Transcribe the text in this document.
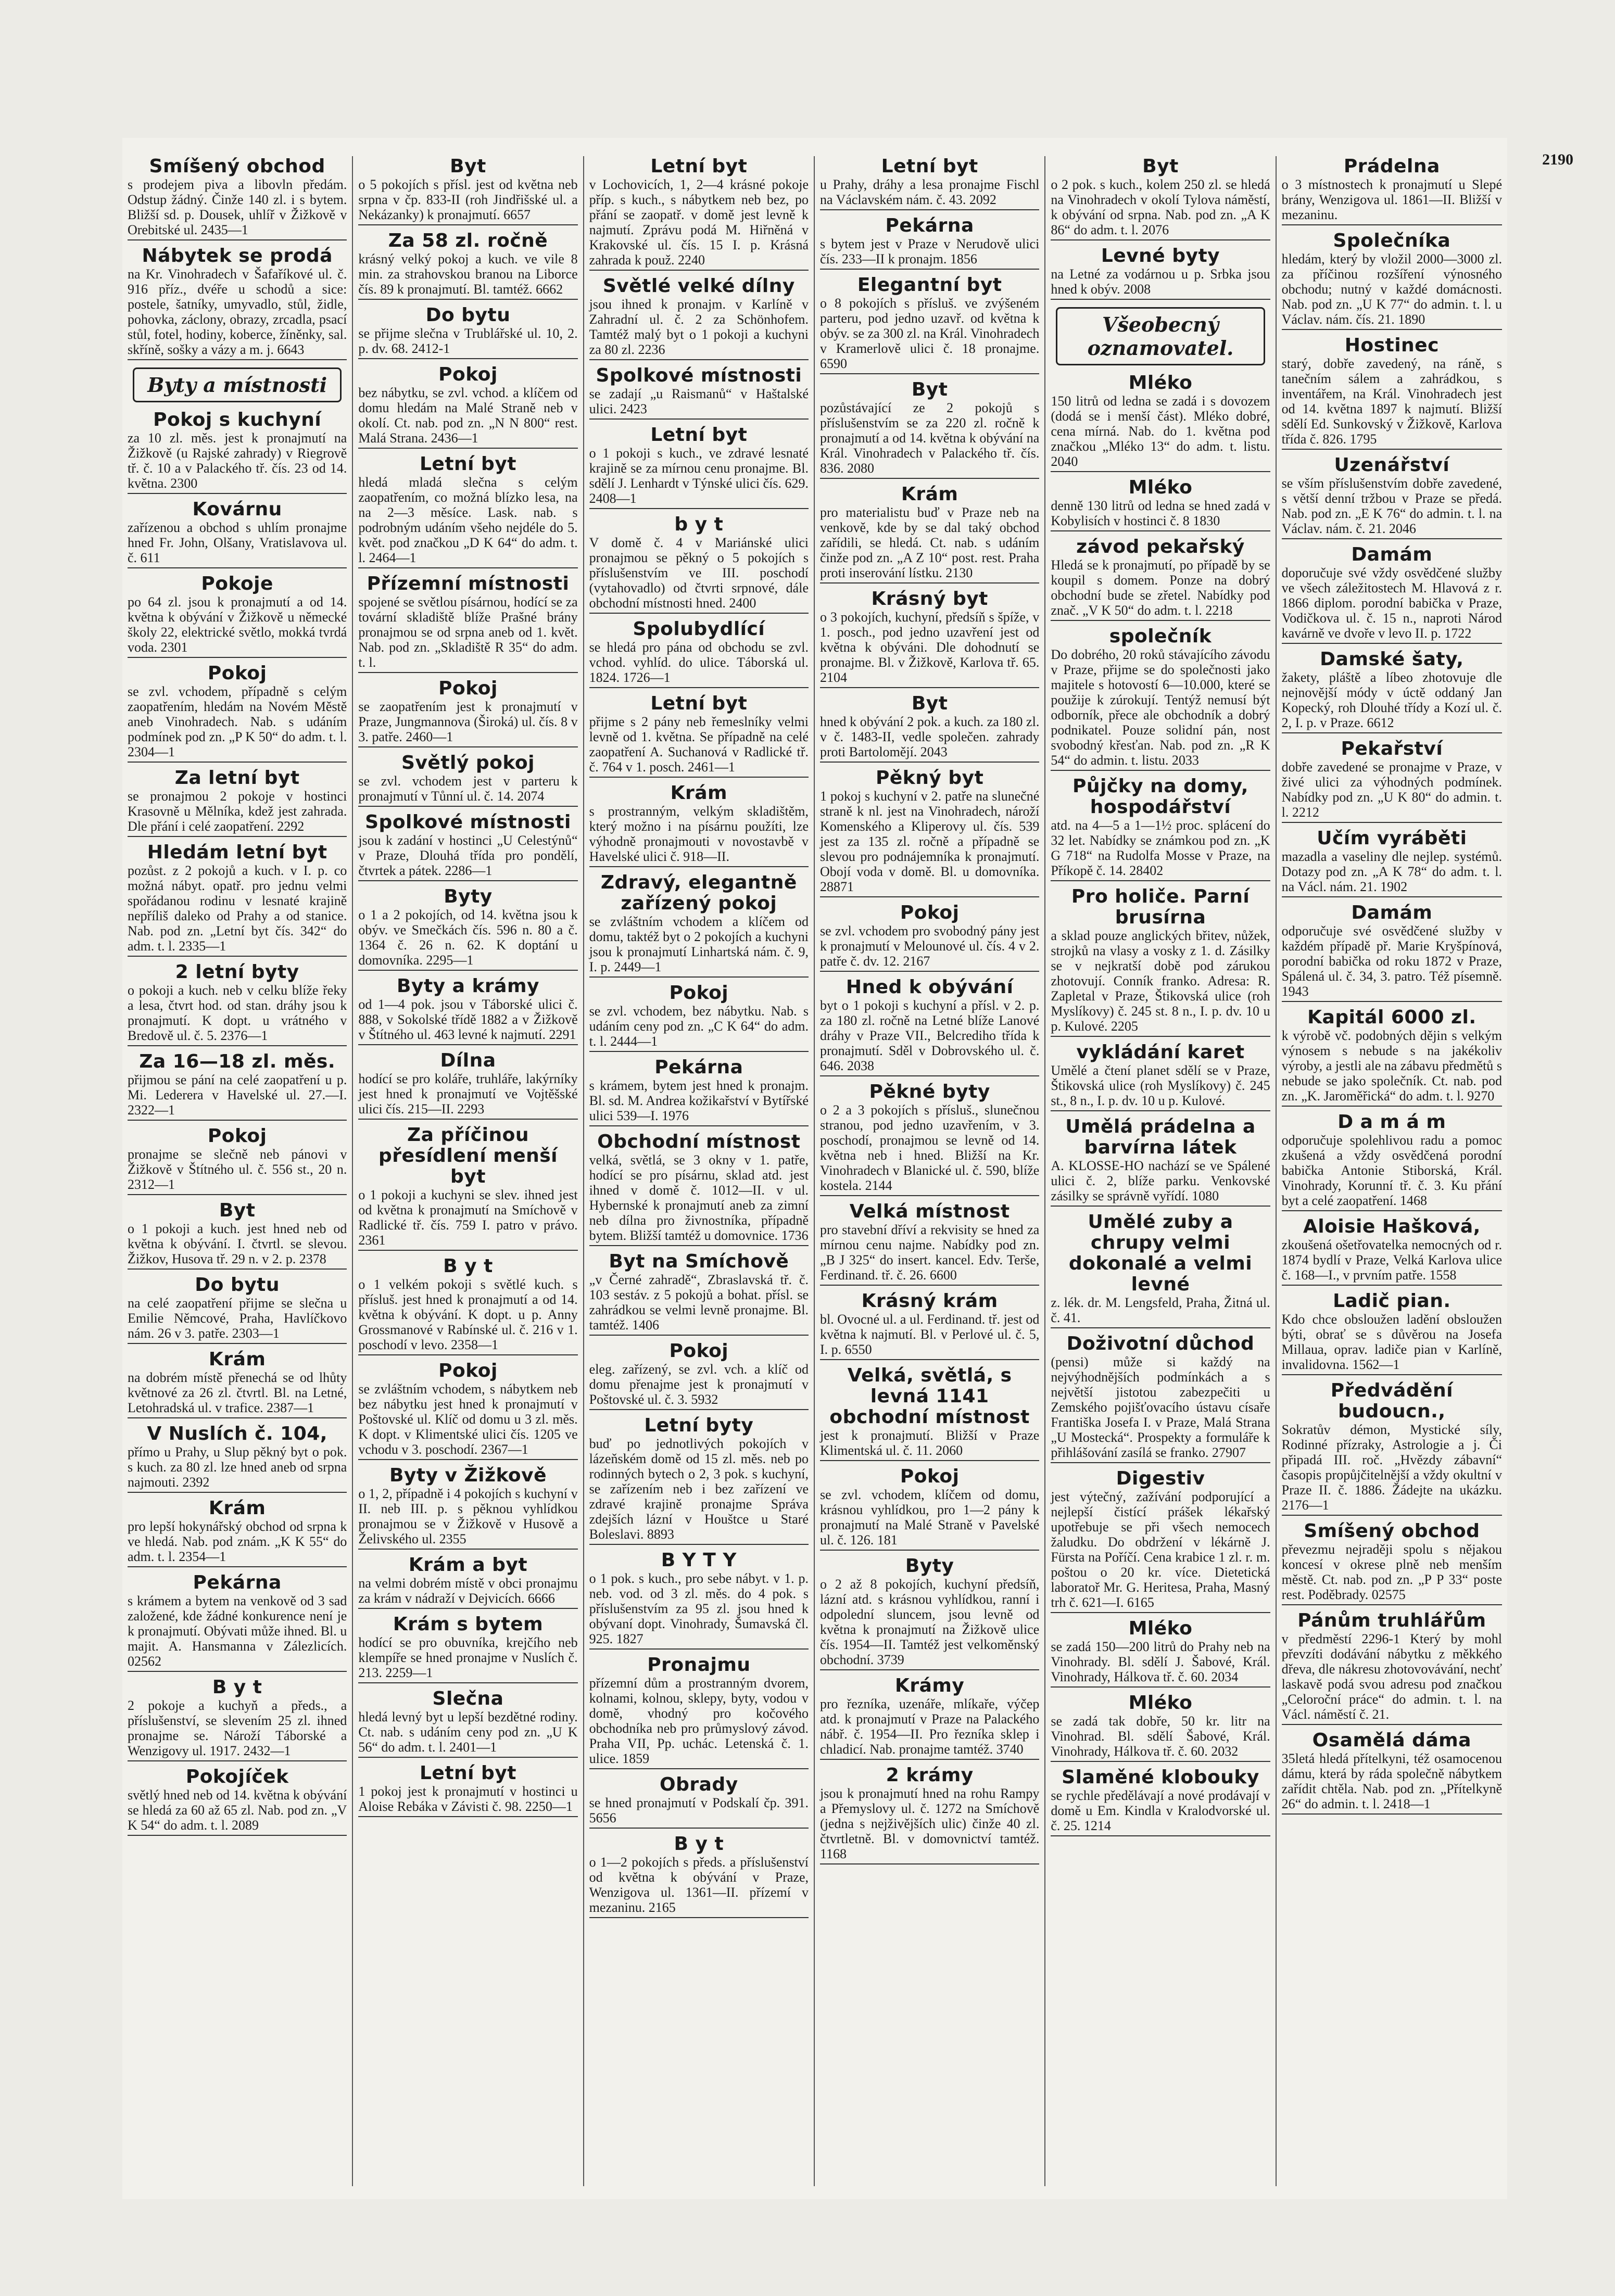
2190
Smíšený obchod
s prodejem piva a libovln předám. Odstup žádný. Činže 140 zl. i s bytem. Bližší sd. p. Dousek, uhlíř v Žižkově v Orebitské ul. 2435—1
Nábytek se prodá
na Kr. Vinohradech v Šafaříkové ul. č. 916 příz., dvéře u schodů a sice: postele, šatníky, umyvadlo, stůl, židle, pohovka, záclony, obrazy, zrcadla, psací stůl, fotel, hodiny, koberce, žíněnky, sal. skříně, sošky a vázy a m. j. 6643
Byty a místnosti
Pokoj s kuchyní
za 10 zl. měs. jest k pronajmutí na Žižkově (u Rajské zahrady) v Riegrově tř. č. 10 a v Palackého tř. čís. 23 od 14. května. 2300
Kovárnu
zařízenou a obchod s uhlím pronajme hned Fr. John, Olšany, Vratislavova ul. č. 611
Pokoje
po 64 zl. jsou k pronajmutí a od 14. května k obývání v Žižkově u německé školy 22, elektrické světlo, mokká tvrdá voda. 2301
Pokoj
se zvl. vchodem, případně s celým zaopatřením, hledám na Novém Městě aneb Vinohradech. Nab. s udáním podmínek pod zn. „P K 50“ do adm. t. l. 2304—1
Za letní byt
se pronajmou 2 pokoje v hostinci Krasovně u Mělníka, kdež jest zahrada. Dle přání i celé zaopatření. 2292
Hledám letní byt
pozůst. z 2 pokojů a kuch. v I. p. co možná nábyt. opatř. pro jednu velmi spořádanou rodinu v lesnaté krajině nepříliš daleko od Prahy a od stanice. Nab. pod zn. „Letní byt čís. 342“ do adm. t. l. 2335—1
2 letní byty
o pokoji a kuch. neb v celku blíže řeky a lesa, čtvrt hod. od stan. dráhy jsou k pronajmutí. K dopt. u vrátného v Bredově ul. č. 5. 2376—1
Za 16—18 zl. měs.
přijmou se pání na celé zaopatření u p. Mi. Lederera v Havelské ul. 27.—I. 2322—1
Pokoj
pronajme se slečně neb pánovi v Žižkově v Štítného ul. č. 556 st., 20 n. 2312—1
Byt
o 1 pokoji a kuch. jest hned neb od května k obývání. I. čtvrtl. se slevou. Žižkov, Husova tř. 29 n. v 2. p. 2378
Do bytu
na celé zaopatření přijme se slečna u Emilie Němcové, Praha, Havlíčkovo nám. 26 v 3. patře. 2303—1
Krám
na dobrém místě přenechá se od lhůty květnové za 26 zl. čtvrtl. Bl. na Letné, Letohradská ul. v trafice. 2387—1
V Nuslích č. 104,
přímo u Prahy, u Slup pěkný byt o pok. s kuch. za 80 zl. lze hned aneb od srpna najmouti. 2392
Krám
pro lepší hokynářský obchod od srpna k ve hledá. Nab. pod znám. „K K 55“ do adm. t. l. 2354—1
Pekárna
s krámem a bytem na venkově od 3 sad založené, kde žádné konkurence není je k pronajmutí. Obývati může ihned. Bl. u majit. A. Hansmanna v Zálezlicích. 02562
B y t
2 pokoje a kuchyň a předs., a příslušenství, se slevením 25 zl. ihned pronajme se. Nároží Táborské a Wenzigovy ul. 1917. 2432—1
Pokojíček
světlý hned neb od 14. května k obývání se hledá za 60 až 65 zl. Nab. pod zn. „V K 54“ do adm. t. l. 2089
Byt
o 5 pokojích s přísl. jest od května neb srpna v čp. 833-II (roh Jindřišské ul. a Nekázanky) k pronajmutí. 6657
Za 58 zl. ročně
krásný velký pokoj a kuch. ve vile 8 min. za strahovskou branou na Liborce čís. 89 k pronajmutí. Bl. tamtéž. 6662
Do bytu
se přijme slečna v Trublářské ul. 10, 2. p. dv. 68. 2412-1
Pokoj
bez nábytku, se zvl. vchod. a klíčem od domu hledám na Malé Straně neb v okolí. Ct. nab. pod zn. „N N 800“ rest. Malá Strana. 2436—1
Letní byt
hledá mladá slečna s celým zaopatřením, co možná blízko lesa, na na 2—3 měsíce. Lask. nab. s podrobným udáním všeho nejdéle do 5. květ. pod značkou „D K 64“ do adm. t. l. 2464—1
Přízemní místnosti
spojené se světlou písárnou, hodící se za tovární skladiště blíže Prašné brány pronajmou se od srpna aneb od 1. květ. Nab. pod zn. „Skladiště R 35“ do adm. t. l.
Pokoj
se zaopatřením jest k pronajmutí v Praze, Jungmannova (Široká) ul. čís. 8 v 3. patře. 2460—1
Světlý pokoj
se zvl. vchodem jest v parteru k pronajmutí v Tůnní ul. č. 14. 2074
Spolkové místnosti
jsou k zadání v hostinci „U Celestýnů“ v Praze, Dlouhá třída pro pondělí, čtvrtek a pátek. 2286—1
Byty
o 1 a 2 pokojích, od 14. května jsou k obýv. ve Smečkách čís. 596 n. 80 a č. 1364 č. 26 n. 62. K doptání u domovníka. 2295—1
Byty a krámy
od 1—4 pok. jsou v Táborské ulici č. 888, v Sokolské třídě 1882 a v Žižkově v Štítného ul. 463 levné k najmutí. 2291
Dílna
hodící se pro koláře, truhláře, lakýrníky jest hned k pronajmutí ve Vojtěšské ulici čís. 215—II. 2293
Za příčinou přesídlení menší byt
o 1 pokoji a kuchyni se slev. ihned jest od května k pronajmutí na Smíchově v Radlické tř. čís. 759 I. patro v právo. 2361
B y t
o 1 velkém pokoji s světlé kuch. s přísluš. jest hned k pronajmutí a od 14. května k obývání. K dopt. u p. Anny Grossmanové v Rabínské ul. č. 216 v 1. poschodí v levo. 2358—1
Pokoj
se zvláštním vchodem, s nábytkem neb bez nábytku jest hned k pronajmutí v Poštovské ul. Klíč od domu u 3 zl. měs. K dopt. v Klimentské ulici čís. 1205 ve vchodu v 3. poschodí. 2367—1
Byty v Žižkově
o 1, 2, případně i 4 pokojích s kuchyní v II. neb III. p. s pěknou vyhlídkou pronajmou se v Žižkově v Husově a Želivského ul. 2355
Krám a byt
na velmi dobrém místě v obci pronajmu za krám v nádraží v Dejvicích. 6666
Krám s bytem
hodící se pro obuvníka, krejčího neb klempíře se hned pronajme v Nuslích č. 213. 2259—1
Slečna
hledá levný byt u lepší bezdětné rodiny. Ct. nab. s udáním ceny pod zn. „U K 56“ do adm. t. l. 2401—1
Letní byt
1 pokoj jest k pronajmutí v hostinci u Aloise Rebáka v Závisti č. 98. 2250—1
Letní byt
v Lochovicích, 1, 2—4 krásné pokoje příp. s kuch., s nábytkem neb bez, po přání se zaopatř. v domě jest levně k najmutí. Zprávu podá M. Hiřněná v Krakovské ul. čís. 15 I. p. Krásná zahrada k použ. 2240
Světlé velké dílny
jsou ihned k pronajm. v Karlíně v Zahradní ul. č. 2 za Schönhofem. Tamtéž malý byt o 1 pokoji a kuchyni za 80 zl. 2236
Spolkové místnosti
se zadají „u Raismanů“ v Haštalské ulici. 2423
Letní byt
o 1 pokoji s kuch., ve zdravé lesnaté krajině se za mírnou cenu pronajme. Bl. sdělí J. Lenhardt v Týnské ulici čís. 629. 2408—1
b y t
V domě č. 4 v Mariánské ulici pronajmou se pěkný o 5 pokojích s příslušenstvím ve III. poschodí (vytahovadlo) od čtvrti srpnové, dále obchodní místnosti hned. 2400
Spolubydlící
se hledá pro pána od obchodu se zvl. vchod. vyhlíd. do ulice. Táborská ul. 1824. 1726—1
Letní byt
přijme s 2 pány neb řemeslníky velmi levně od 1. května. Se případně na celé zaopatření A. Suchanová v Radlické tř. č. 764 v 1. posch. 2461—1
Krám
s prostranným, velkým skladištěm, který možno i na písárnu použíti, lze výhodně pronajmouti v novostavbě v Havelské ulici č. 918—II.
Zdravý, elegantně zařízený pokoj
se zvláštním vchodem a klíčem od domu, taktéž byt o 2 pokojích a kuchyni jsou k pronajmutí Linhartská nám. č. 9, I. p. 2449—1
Pokoj
se zvl. vchodem, bez nábytku. Nab. s udáním ceny pod zn. „C K 64“ do adm. t. l. 2444—1
Pekárna
s krámem, bytem jest hned k pronajm. Bl. sd. M. Andrea kožikařství v Bytířské ulici 539—I. 1976
Obchodní místnost
velká, světlá, se 3 okny v 1. patře, hodící se pro písárnu, sklad atd. jest ihned v domě č. 1012—II. v ul. Hybernské k pronajmutí aneb za zimní neb dílna pro živnostníka, případně bytem. Bližší tamtéž u domovnice. 1736
Byt na Smíchově
„v Černé zahradě“, Zbraslavská tř. č. 103 sestáv. z 5 pokojů a bohat. přísl. se zahrádkou se velmi levně pronajme. Bl. tamtéž. 1406
Pokoj
eleg. zařízený, se zvl. vch. a klíč od domu přenajme jest k pronajmutí v Poštovské ul. č. 3. 5932
Letní byty
buď po jednotlivých pokojích v lázeňském domě od 15 zl. měs. neb po rodinných bytech o 2, 3 pok. s kuchyní, se zařízením neb i bez zařízení ve zdravé krajině pronajme Správa zdejších lázní v Houštce u Staré Boleslavi. 8893
B Y T Y
o 1 pok. s kuch., pro sebe nábyt. v 1. p. neb. vod. od 3 zl. měs. do 4 pok. s příslušenstvím za 95 zl. jsou hned k obývaní dopt. Vinohrady, Šumavská čl. 925. 1827
Pronajmu
přízemní dům a prostranným dvorem, kolnami, kolnou, sklepy, byty, vodou v domě, vhodný pro kočového obchodníka neb pro průmyslový závod. Praha VII, Pp. uchác. Letenská č. 1. ulice. 1859
Obrady
se hned pronajmutí v Podskalí čp. 391. 5656
B y t
o 1—2 pokojích s předs. a příslušenství od května k obývání v Praze, Wenzigova ul. 1361—II. přízemí v mezaninu. 2165
Letní byt
u Prahy, dráhy a lesa pronajme Fischl na Václavském nám. č. 43. 2092
Pekárna
s bytem jest v Praze v Nerudově ulici čís. 233—II k pronajm. 1856
Elegantní byt
o 8 pokojích s přísluš. ve zvýšeném parteru, pod jedno uzavř. od května k obýv. se za 300 zl. na Král. Vinohradech v Kramerlově ulici č. 18 pronajme. 6590
Byt
pozůstávající ze 2 pokojů s příslušenstvím se za 220 zl. ročně k pronajmutí a od 14. května k obývání na Král. Vinohradech v Palackého tř. čís. 836. 2080
Krám
pro materialistu buď v Praze neb na venkově, kde by se dal taký obchod zařídili, se hledá. Ct. nab. s udáním činže pod zn. „A Z 10“ post. rest. Praha proti inserování lístku. 2130
Krásný byt
o 3 pokojích, kuchyní, předsíň s špíže, v 1. posch., pod jedno uzavření jest od května k obýváni. Dle dohodnutí se pronajme. Bl. v Žižkově, Karlova tř. 65. 2104
Byt
hned k obývání 2 pok. a kuch. za 180 zl. v č. 1483-II, vedle společen. zahrady proti Bartolomějí. 2043
Pěkný byt
1 pokoj s kuchyní v 2. patře na slunečné straně k nl. jest na Vinohradech, nároží Komenského a Kliperovy ul. čís. 539 jest za 135 zl. ročně a případně se slevou pro podnájemníka k pronajmutí. Obojí voda v domě. Bl. u domovníka. 28871
Pokoj
se zvl. vchodem pro svobodný pány jest k pronajmutí v Melounové ul. čís. 4 v 2. patře č. dv. 12. 2167
Hned k obývání
byt o 1 pokoji s kuchyní a přísl. v 2. p. za 180 zl. ročně na Letné blíže Lanové dráhy v Praze VII., Belcrediho třída k pronajmutí. Sděl v Dobrovského ul. č. 646. 2038
Pěkné byty
o 2 a 3 pokojích s přísluš., slunečnou stranou, pod jedno uzavřením, v 3. poschodí, pronajmou se levně od 14. května neb i hned. Bližší na Kr. Vinohradech v Blanické ul. č. 590, blíže kostela. 2144
Velká místnost
pro stavební dříví a rekvisity se hned za mírnou cenu najme. Nabídky pod zn. „B J 325“ do insert. kancel. Edv. Terše, Ferdinand. tř. č. 26. 6600
Krásný krám
bl. Ovocné ul. a ul. Ferdinand. tř. jest od května k najmutí. Bl. v Perlové ul. č. 5, I. p. 6550
Velká, světlá, s levná 1141 obchodní místnost
jest k pronajmutí. Bližší v Praze Klimentská ul. č. 11. 2060
Pokoj
se zvl. vchodem, klíčem od domu, krásnou vyhlídkou, pro 1—2 pány k pronajmutí na Malé Straně v Pavelské ul. č. 126. 181
Byty
o 2 až 8 pokojích, kuchyní předsíň, lázní atd. s krásnou vyhlídkou, ranní i odpolední sluncem, jsou levně od května k pronajmutí na Žižkově ulice čís. 1954—II. Tamtéž jest velkoměnský obchodní. 3739
Krámy
pro řezníka, uzenáře, mlíkaře, výčep atd. k pronajmutí v Praze na Palackého nábř. č. 1954—II. Pro řezníka sklep i chladicí. Nab. pronajme tamtéž. 3740
2 krámy
jsou k pronajmutí hned na rohu Rampy a Přemyslovy ul. č. 1272 na Smíchově (jedna s nejživějších ulic) činže 40 zl. čtvrtletně. Bl. v domovnictví tamtéž. 1168
Byt
o 2 pok. s kuch., kolem 250 zl. se hledá na Vinohradech v okolí Tylova náměstí, k obývání od srpna. Nab. pod zn. „A K 86“ do adm. t. l. 2076
Levné byty
na Letné za vodárnou u p. Srbka jsou hned k obýv. 2008
Všeobecný oznamovatel.
Mléko
150 litrů od ledna se zadá i s dovozem (dodá se i menší část). Mléko dobré, cena mírná. Nab. do 1. května pod značkou „Mléko 13“ do adm. t. listu. 2040
Mléko
denně 130 litrů od ledna se hned zadá v Kobylisích v hostinci č. 8 1830
závod pekařský
Hledá se k pronajmutí, po případě by se koupil s domem. Ponze na dobrý obchodní bude se zřetel. Nabídky pod znač. „V K 50“ do adm. t. l. 2218
společník
Do dobrého, 20 roků stávajícího závodu v Praze, přijme se do společnosti jako majitele s hotovostí 6—10.000, které se použije k zúrokují. Tentýž nemusí být odborník, přece ale obchodník a dobrý podnikatel. Pouze solidní pán, nost svobodný křesťan. Nab. pod zn. „R K 54“ do admin. t. listu. 2033
Půjčky na domy, hospodářství
atd. na 4—5 a 1—1½ proc. splácení do 32 let. Nabídky se známkou pod zn. „K G 718“ na Rudolfa Mosse v Praze, na Příkopě č. 14. 28402
Pro holiče. Parní brusírna
a sklad pouze anglických břitev, nůžek, strojků na vlasy a vosky z 1. d. Zásilky se v nejkratší době pod zárukou zhotovují. Conník franko. Adresa: R. Zapletal v Praze, Štikovská ulice (roh Myslíkovy) č. 245 st. 8 n., I. p. dv. 10 u p. Kulové. 2205
vykládání karet
Umělé a čtení planet sdělí se v Praze, Štikovská ulice (roh Myslíkovy) č. 245 st., 8 n., I. p. dv. 10 u p. Kulové.
Umělá prádelna a barvírna látek
A. KLOSSE-HO nachází se ve Spálené ulici č. 2, blíže parku. Venkovské zásilky se správně vyřídí. 1080
Umělé zuby a chrupy velmi dokonalé a velmi levné
z. lék. dr. M. Lengsfeld, Praha, Žitná ul. č. 41.
Doživotní důchod
(pensi) může si každý na nejvýhodnějších podmínkách a s největší jistotou zabezpečiti u Zemského pojišťovacího ústavu císaře Františka Josefa I. v Praze, Malá Strana „U Mostecká“. Prospekty a formuláře k přihlášování zasílá se franko. 27907
Digestiv
jest výtečný, zažívání podporující a nejlepší čistící prášek lékařský upotřebuje se při všech nemocech žaludku. Do obdržení v lékárně J. Fürsta na Poříčí. Cena krabice 1 zl. r. m. poštou o 20 kr. více. Dietetická laboratoř Mr. G. Heritesa, Praha, Masný trh č. 621—I. 6165
Mléko
se zadá 150—200 litrů do Prahy neb na Vinohrady. Bl. sdělí J. Šabové, Král. Vinohrady, Hálkova tř. č. 60. 2034
Mléko
se zadá tak dobře, 50 kr. litr na Vinohrad. Bl. sdělí Šabové, Král. Vinohrady, Hálkova tř. č. 60. 2032
Slaměné klobouky
se rychle předělávají a nové prodávají v domě u Em. Kindla v Kralodvorské ul. č. 25. 1214
Prádelna
o 3 místnostech k pronajmutí u Slepé brány, Wenzigova ul. 1861—II. Bližší v mezaninu.
Společníka
hledám, který by vložil 2000—3000 zl. za příčinou rozšíření výnosného obchodu; nutný v každé domácnosti. Nab. pod zn. „U K 77“ do admin. t. l. u Václav. nám. čís. 21. 1890
Hostinec
starý, dobře zavedený, na ráně, s tanečním sálem a zahrádkou, s inventářem, na Král. Vinohradech jest od 14. května 1897 k najmutí. Bližší sdělí Ed. Sunkovský v Žižkově, Karlova třída č. 826. 1795
Uzenářství
se vším příslušenstvím dobře zavedené, s větší denní tržbou v Praze se předá. Nab. pod zn. „E K 76“ do admin. t. l. na Václav. nám. č. 21. 2046
Damám
doporučuje své vždy osvědčené služby ve všech záležitostech M. Hlavová z r. 1866 diplom. porodní babička v Praze, Vodičkova ul. č. 15 n., naproti Národ kavárně ve dvoře v levo II. p. 1722
Damské šaty,
žakety, pláště a líbeo zhotovuje dle nejnovější módy v úctě oddaný Jan Kopecký, roh Dlouhé třídy a Kozí ul. č. 2, I. p. v Praze. 6612
Pekařství
dobře zavedené se pronajme v Praze, v živé ulici za výhodných podmínek. Nabídky pod zn. „U K 80“ do admin. t. l. 2212
Učím vyráběti
mazadla a vaseliny dle nejlep. systémů. Dotazy pod zn. „A K 78“ do adm. t. l. na Václ. nám. 21. 1902
Damám
odporučuje své osvědčené služby v každém případě př. Marie Kryšpínová, porodní babička od roku 1872 v Praze, Spálená ul. č. 34, 3. patro. Též písemně. 1943
Kapitál 6000 zl.
k výrobě vč. podobných dějin s velkým výnosem s nebude s na jakékoliv výroby, a jestli ale na zábavu předmětů s nebude se jako společník. Ct. nab. pod zn. „K. Jaroměřická“ do adm. t. l. 9270
D a m á m
odporučuje spolehlivou radu a pomoc zkušená a vždy osvědčená porodní babička Antonie Stiborská, Král. Vinohrady, Korunní tř. č. 3. Ku přání byt a celé zaopatření. 1468
Aloisie Hašková,
zkoušená ošetřovatelka nemocných od r. 1874 bydlí v Praze, Velká Karlova ulice č. 168—I., v prvním patře. 1558
Ladič pian.
Kdo chce obsloužen ladění obsloužen býti, obrať se s důvěrou na Josefa Millaua, oprav. ladiče pian v Karlíně, invalidovna. 1562—1
Předvádění budoucn.,
Sokratův démon, Mystické síly, Rodinné přízraky, Astrologie a j. Či připadá III. roč. „Hvězdy zábavní“ časopis propůjčitelnější a vždy okultní v Praze II. č. 1886. Žádejte na ukázku. 2176—1
Smíšený obchod
převezmu nejraději spolu s nějakou koncesí v okrese plně neb menším městě. Ct. nab. pod zn. „P P 33“ poste rest. Poděbrady. 02575
Pánům truhlářům
v předměstí 2296-1 Který by mohl převzíti dodávání nábytku z měkkého dřeva, dle nákresu zhotovovávání, nechť laskavě podá svou adresu pod značkou „Celoroční práce“ do admin. t. l. na Václ. náměstí č. 21.
Osamělá dáma
35letá hledá přítelkyni, též osamocenou dámu, která by ráda společně nábytkem zařídit chtěla. Nab. pod zn. „Přítelkyně 26“ do admin. t. l. 2418—1
